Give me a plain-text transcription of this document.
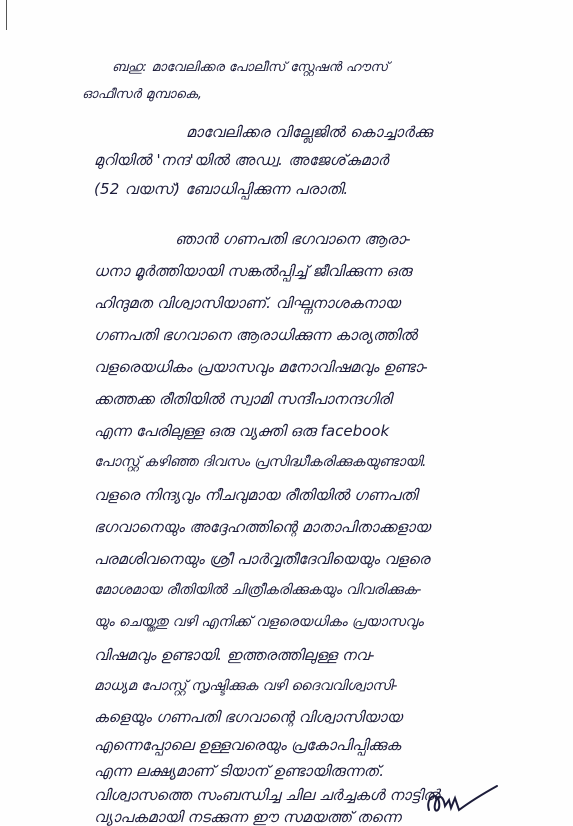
ബഹു: മാവേലിക്കര പോലീസ് സ്റ്റേഷൻ ഹൗസ്
ഓഫീസർ മുമ്പാകെ,
മാവേലിക്കര വില്ലേജിൽ കൊച്ചാർക്കു
മുറിയിൽ 'നന്ദ'യിൽ അഡ്വ. അജേശ്‌കുമാർ
(52 വയസ്) ബോധിപ്പിക്കുന്ന പരാതി.
ഞാൻ ഗണപതി ഭഗവാനെ ആരാ-
ധനാ മൂർത്തിയായി സങ്കൽപ്പിച്ച് ജീവിക്കുന്ന ഒരു
ഹിന്ദുമത വിശ്വാസിയാണ്. വിഘ്നനാശകനായ
ഗണപതി ഭഗവാനെ ആരാധിക്കുന്ന കാര്യത്തിൽ
വളരെയധികം പ്രയാസവും മനോവിഷമവും ഉണ്ടാ-
ക്കത്തക്ക രീതിയിൽ സ്വാമി സന്ദീപാനന്ദഗിരി
എന്ന പേരിലുള്ള ഒരു വ്യക്തി ഒരു facebook
പോസ്റ്റ് കഴിഞ്ഞ ദിവസം പ്രസിദ്ധീകരിക്കുകയുണ്ടായി.
വളരെ നിന്ദ്യവും നീചവുമായ രീതിയിൽ ഗണപതി
ഭഗവാനെയും അദ്ദേഹത്തിന്റെ മാതാപിതാക്കളായ
പരമശിവനെയും ശ്രീ പാർവ്വതീദേവിയെയും വളരെ
മോശമായ രീതിയിൽ ചിത്രീകരിക്കുകയും വിവരിക്കുക-
യും ചെയ്തതു വഴി എനിക്ക് വളരെയധികം പ്രയാസവും
വിഷമവും ഉണ്ടായി. ഇത്തരത്തിലുള്ള നവ-
മാധ്യമ പോസ്റ്റ് സൃഷ്ടിക്കുക വഴി ദൈവവിശ്വാസി-
കളെയും ഗണപതി ഭഗവാന്റെ വിശ്വാസിയായ
എന്നെപ്പോലെ ഉള്ളവരെയും പ്രകോപിപ്പിക്കുക
എന്ന ലക്ഷ്യമാണ് ടിയാന് ഉണ്ടായിരുന്നത്.
വിശ്വാസത്തെ സംബന്ധിച്ച ചില ചർച്ചകൾ നാട്ടിൽ
വ്യാപകമായി നടക്കുന്ന ഈ സമയത്ത് തന്നെ
